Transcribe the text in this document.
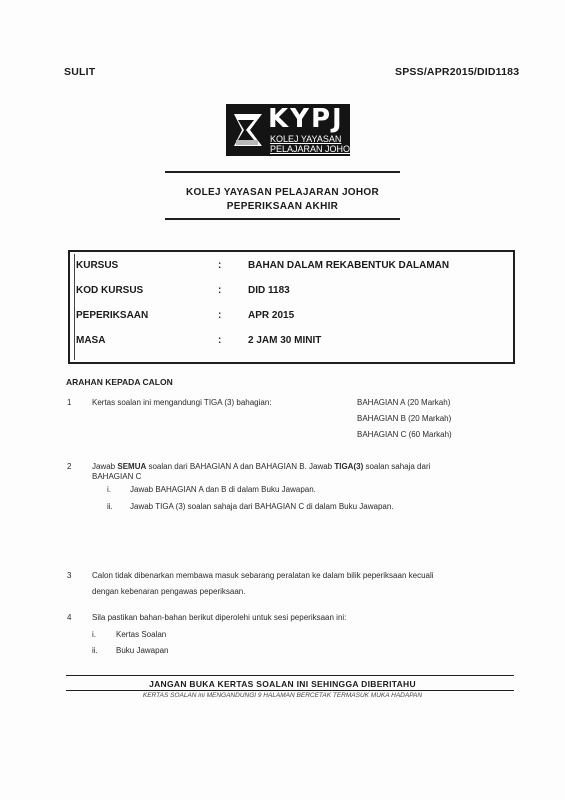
SULIT	SPSS/APR2015/DID1183
KYPJ
KOLEJ YAYASAN
PELAJARAN JOHOR
KOLEJ YAYASAN PELAJARAN JOHOR
PEPERIKSAAN AKHIR
KURSUS	:	BAHAN DALAM REKABENTUK DALAMAN
KOD KURSUS	:	DID 1183
PEPERIKSAAN	:	APR 2015
MASA	:	2 JAM 30 MINIT
ARAHAN KEPADA CALON
1	Kertas soalan ini mengandungi TIGA (3) bahagian:	BAHAGIAN A (20 Markah)
BAHAGIAN B (20 Markah)
BAHAGIAN C (60 Markah)
2	Jawab SEMUA soalan dari BAHAGIAN A dan BAHAGIAN B. Jawab TIGA(3) soalan sahaja dari
BAHAGIAN C
i. Jawab BAHAGIAN A dan B di dalam Buku Jawapan.
ii. Jawab TIGA (3) soalan sahaja dari BAHAGIAN C di dalam Buku Jawapan.
3	Calon tidak dibenarkan membawa masuk sebarang peralatan ke dalam bilik peperiksaan kecuali
dengan kebenaran pengawas peperiksaan.
4	Sila pastikan bahan-bahan berikut diperolehi untuk sesi peperiksaan ini:
i.	Kertas Soalan
ii. Buku Jawapan
JANGAN BUKA KERTAS SOALAN INI SEHINGGA DIBERITAHU
KERTAS SOALAN ini MENGANDUNGI 9 HALAMAN BERCETAK TERMASUK MUKA HADAPAN
